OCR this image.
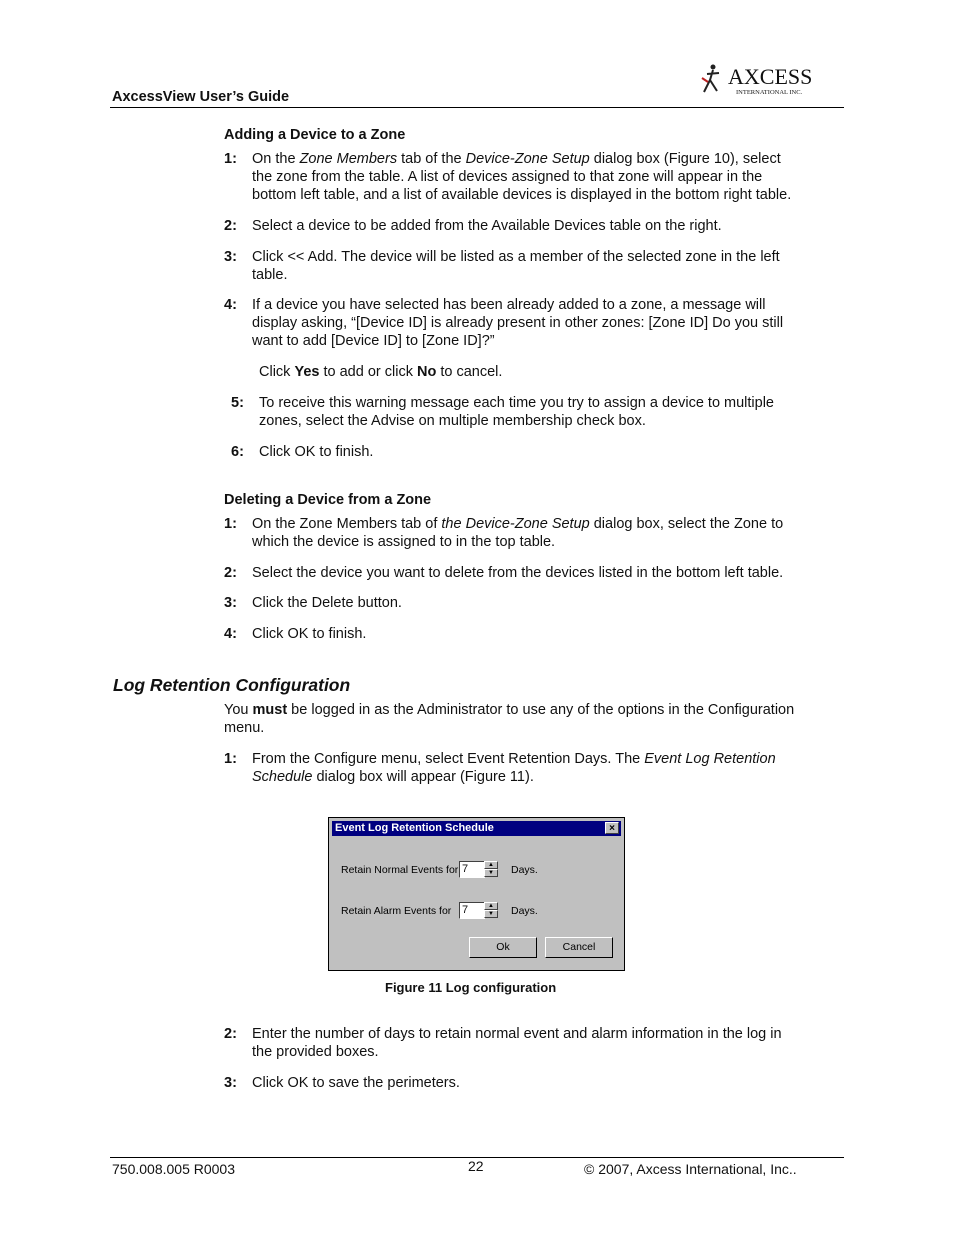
AxcessView User’s Guide
AXCESS
INTERNATIONAL INC.
Adding a Device to a Zone
1: On the Zone Members tab of the Device-Zone Setup dialog box (Figure 10), select
the zone from the table. A list of devices assigned to that zone will appear in the
bottom left table, and a list of available devices is displayed in the bottom right table.
2: Select a device to be added from the Available Devices table on the right.
3: Click << Add. The device will be listed as a member of the selected zone in the left
table.
4: If a device you have selected has been already added to a zone, a message will
display asking, “[Device ID] is already present in other zones: [Zone ID] Do you still
want to add [Device ID] to [Zone ID]?”
Click Yes to add or click No to cancel.
5: To receive this warning message each time you try to assign a device to multiple
zones, select the Advise on multiple membership check box.
6: Click OK to finish.
Deleting a Device from a Zone
1: On the Zone Members tab of the Device-Zone Setup dialog box, select the Zone to
which the device is assigned to in the top table.
2: Select the device you want to delete from the devices listed in the bottom left table.
3: Click the Delete button.
4: Click OK to finish.
Log Retention Configuration
You must be logged in as the Administrator to use any of the options in the Configuration
menu.
1: From the Configure menu, select Event Retention Days. The Event Log Retention
Schedule dialog box will appear (Figure 11).
Event Log Retention Schedule	×
Retain Normal Events for 7	▲
▼	Days.
Retain Alarm Events for 7	▲
▼	Days.
Ok	Cancel
Figure 11 Log configuration
2: Enter the number of days to retain normal event and alarm information in the log in
the provided boxes.
3: Click OK to save the perimeters.
750.008.005 R0003	22	© 2007, Axcess International, Inc..
